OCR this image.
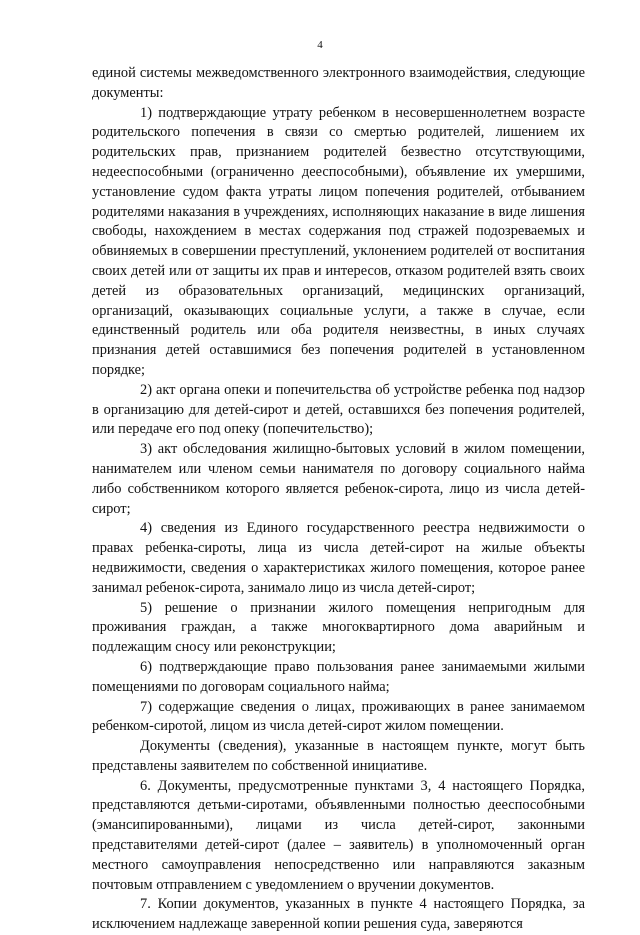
4

единой системы межведомственного электронного взаимодействия, следующие документы:

1) подтверждающие утрату ребенком в несовершеннолетнем возрасте родительского попечения в связи со смертью родителей, лишением их родительских прав, признанием родителей безвестно отсутствующими, недееспособными (ограниченно дееспособными), объявление их умершими, установление судом факта утраты лицом попечения родителей, отбыванием родителями наказания в учреждениях, исполняющих наказание в виде лишения свободы, нахождением в местах содержания под стражей подозреваемых и обвиняемых в совершении преступлений, уклонением родителей от воспитания своих детей или от защиты их прав и интересов, отказом родителей взять своих детей из образовательных организаций, медицинских организаций, организаций, оказывающих социальные услуги, а также в случае, если единственный родитель или оба родителя неизвестны, в иных случаях признания детей оставшимися без попечения родителей в установленном порядке;

2) акт органа опеки и попечительства об устройстве ребенка под надзор в организацию для детей-сирот и детей, оставшихся без попечения родителей, или передаче его под опеку (попечительство);

3) акт обследования жилищно-бытовых условий в жилом помещении, нанимателем или членом семьи нанимателя по договору социального найма либо собственником которого является ребенок-сирота, лицо из числа детей-сирот;

4) сведения из Единого государственного реестра недвижимости о правах ребенка-сироты, лица из числа детей-сирот на жилые объекты недвижимости, сведения о характеристиках жилого помещения, которое ранее занимал ребенок-сирота, занимало лицо из числа детей-сирот;

5) решение о признании жилого помещения непригодным для проживания граждан, а также многоквартирного дома аварийным и подлежащим сносу или реконструкции;

6) подтверждающие право пользования ранее занимаемыми жилыми помещениями по договорам социального найма;

7) содержащие сведения о лицах, проживающих в ранее занимаемом ребенком-сиротой, лицом из числа детей-сирот жилом помещении.

Документы (сведения), указанные в настоящем пункте, могут быть представлены заявителем по собственной инициативе.

6. Документы, предусмотренные пунктами 3, 4 настоящего Порядка, представляются детьми-сиротами, объявленными полностью дееспособными (эмансипированными), лицами из числа детей-сирот, законными представителями детей-сирот (далее – заявитель) в уполномоченный орган местного самоуправления непосредственно или направляются заказным почтовым отправлением с уведомлением о вручении документов.

7. Копии документов, указанных в пункте 4 настоящего Порядка, за исключением надлежаще заверенной копии решения суда, заверяются
